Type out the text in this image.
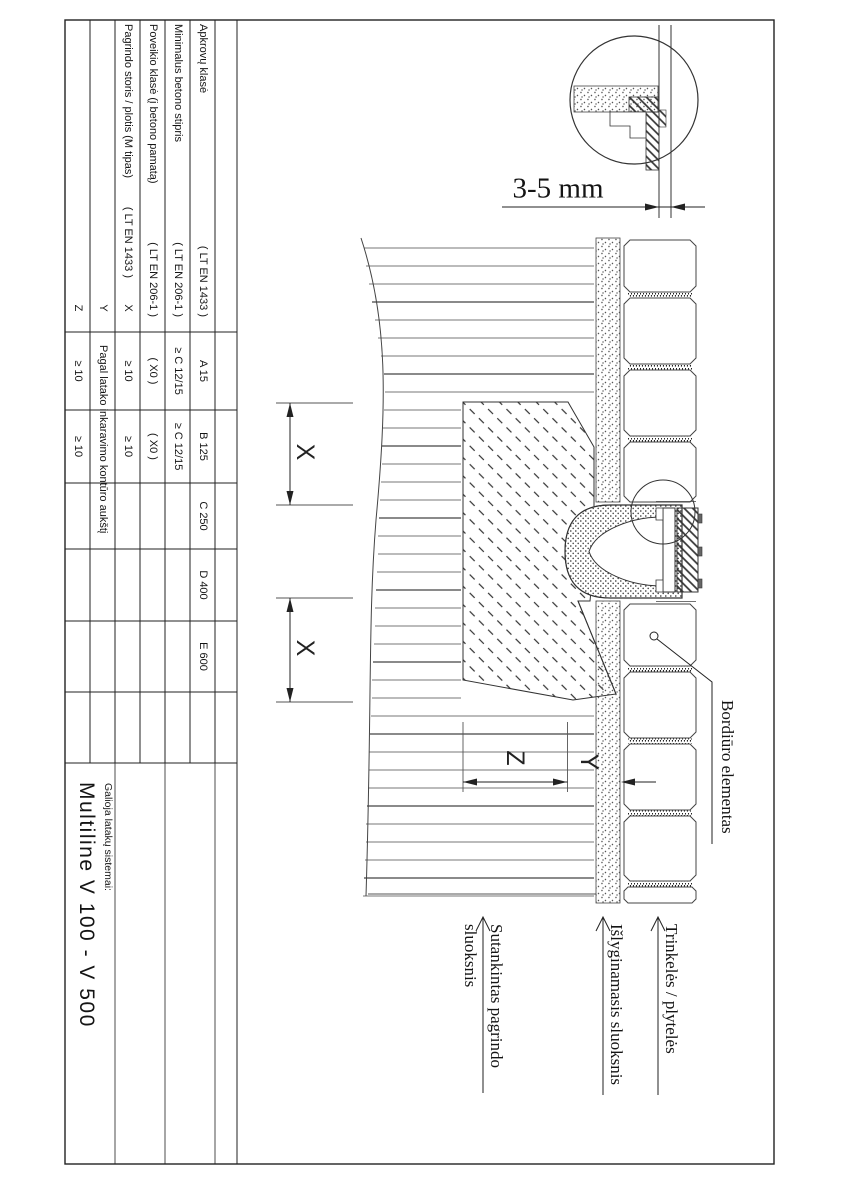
Apkrovų klasė
Minimalus betono stipris
Poveikio klasė (į betono pamatą)
Pagrindo storis / plotis (M tipas)
( LT EN 1433 )
( LT EN 206-1 )
( LT EN 206-1 )
( LT EN 1433 )
X
Y
Z
A 15
B 125
C 250
D 400
E 600
≥ C 12/15
≥ C 12/15
( X0 )
( X0 )
≥ 10
≥ 10
Pagal latako inkaravimo kontūro aukštį
≥ 10
≥ 10
Galioja latakų sistemai:
Multiline V 100 - V 500
3-5 mm
X
X
Y
Z	Bordiūro elementas
Trinkelės / plytelės
Išlyginamasis sluoksnis
Sutankintas pagrindo
sluoksnis
